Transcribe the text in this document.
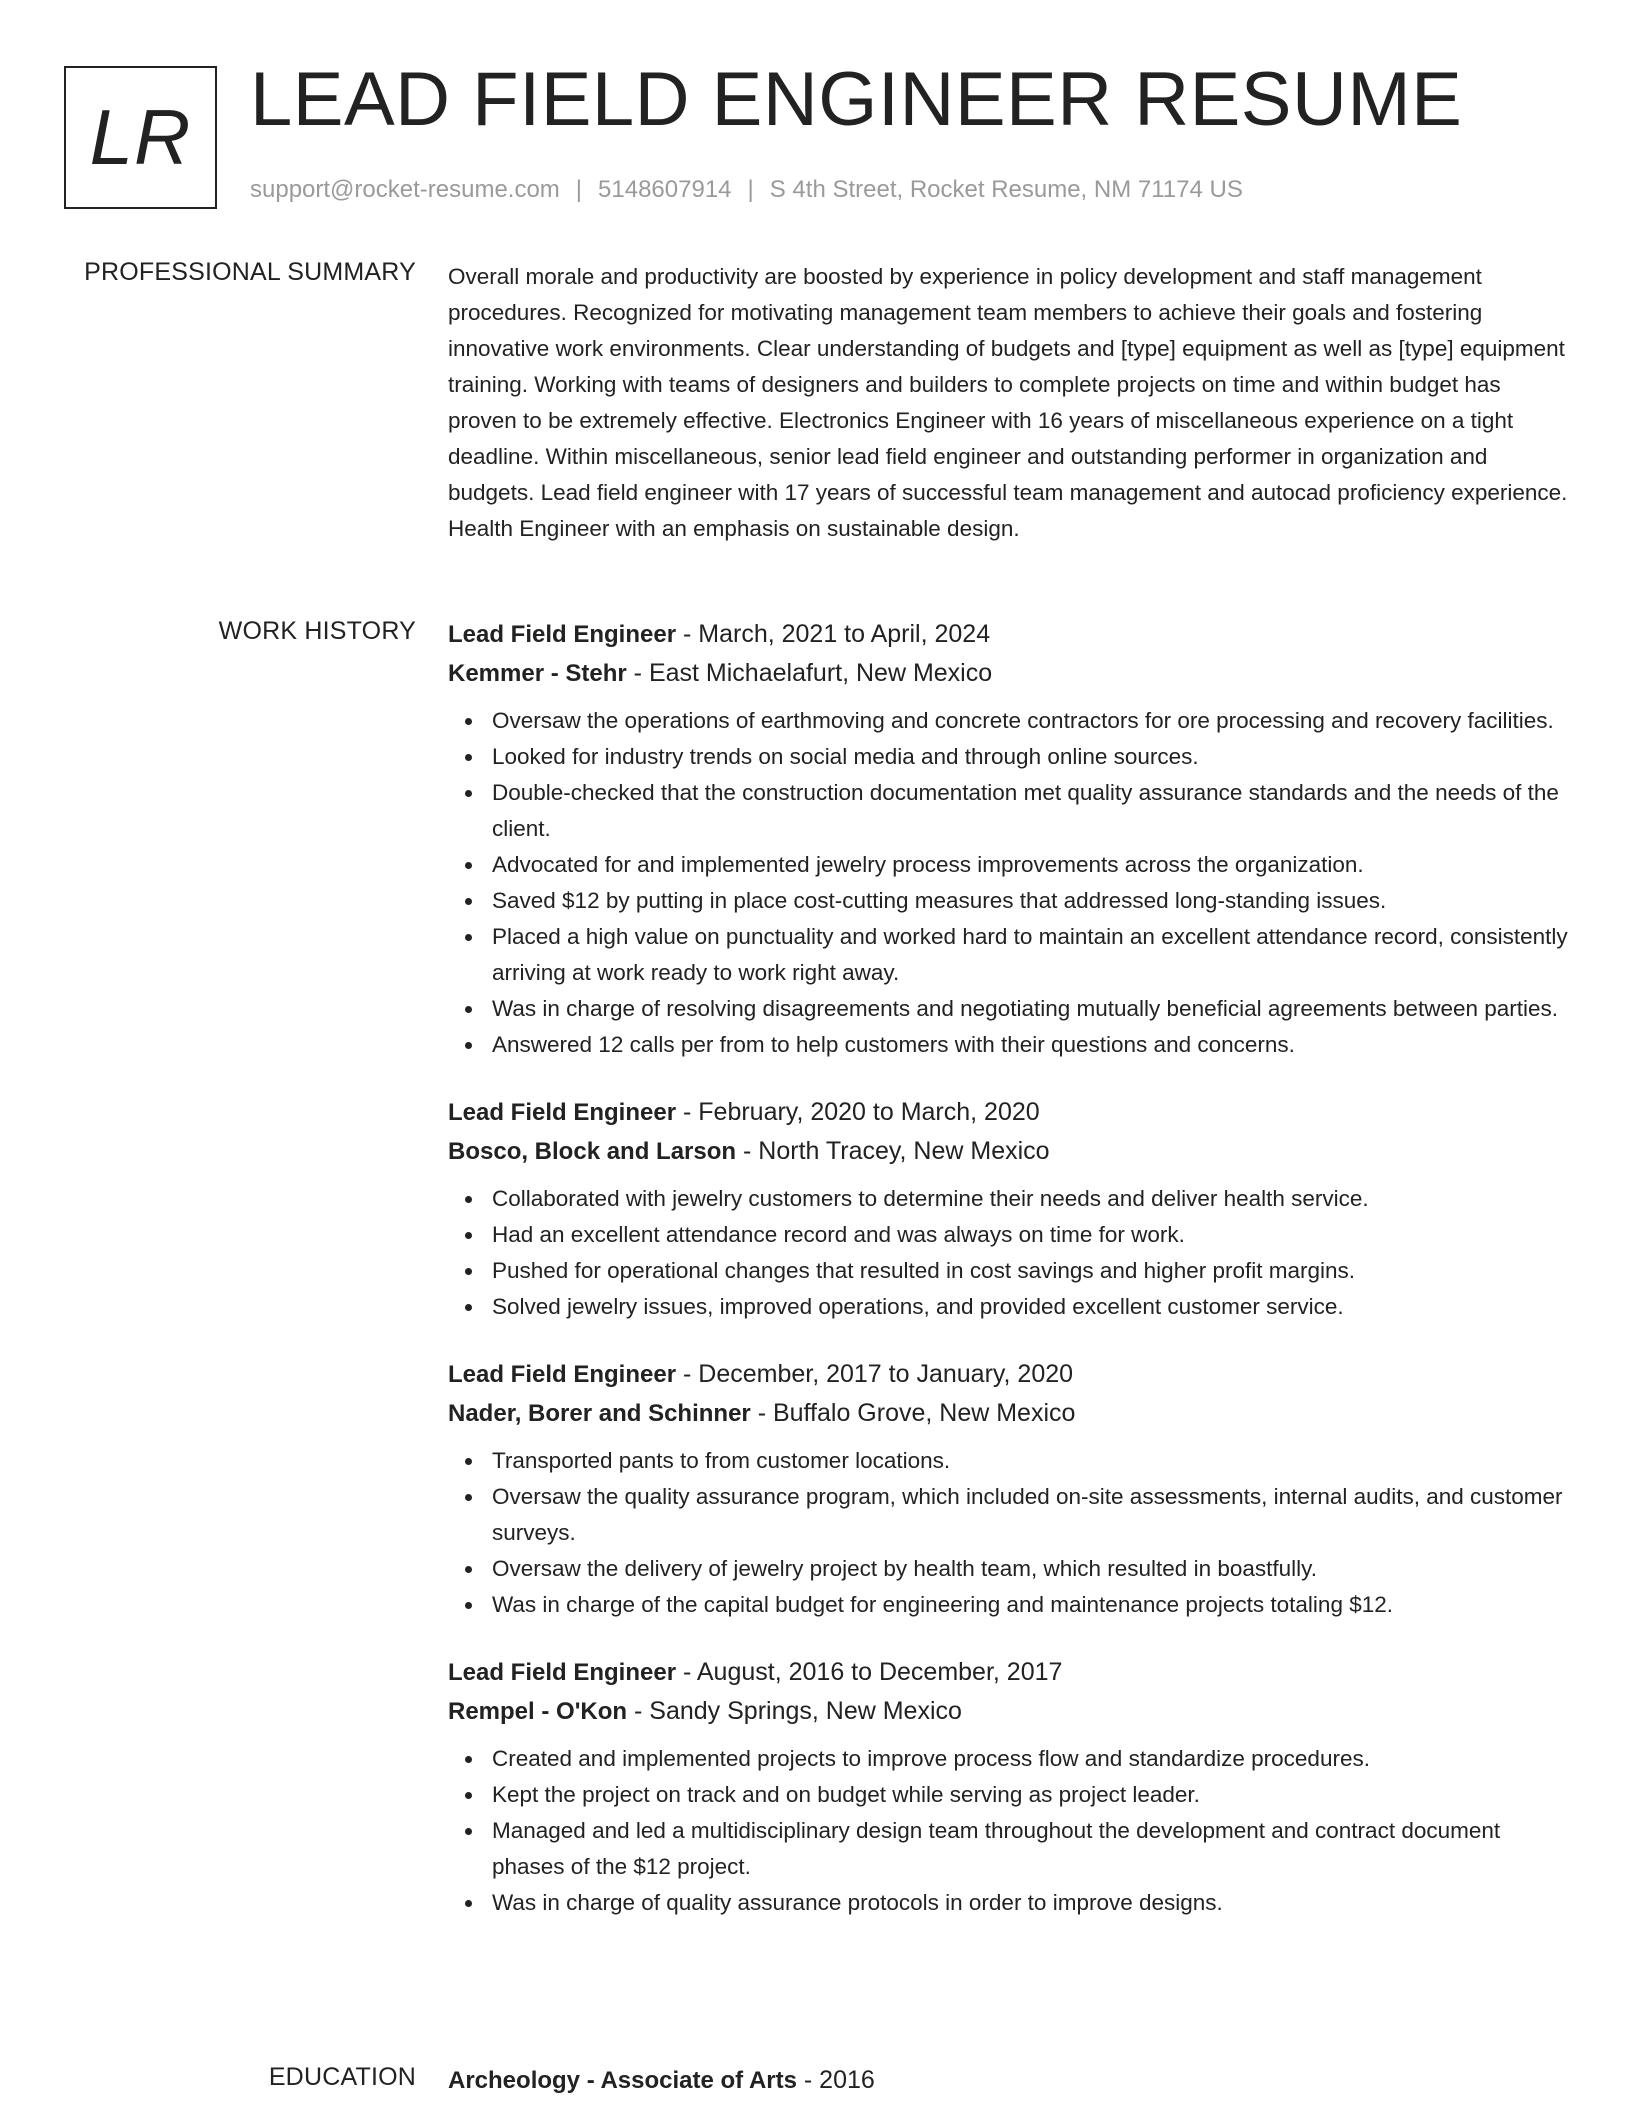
LR LEAD FIELD ENGINEER RESUME
support@rocket-resume.com | 5148607914 | S 4th Street, Rocket Resume, NM 71174 US
PROFESSIONAL SUMMARY Overall morale and productivity are boosted by experience in policy development and staff management procedures. Recognized for motivating management team members to achieve their goals and fostering innovative work environments. Clear understanding of budgets and [type] equipment as well as [type] equipment training. Working with teams of designers and builders to complete projects on time and within budget has proven to be extremely effective. Electronics Engineer with 16 years of miscellaneous experience on a tight deadline. Within miscellaneous, senior lead field engineer and outstanding performer in organization and budgets. Lead field engineer with 17 years of successful team management and autocad proficiency experience. Health Engineer with an emphasis on sustainable design.
WORK HISTORY Lead Field Engineer - March, 2021 to April, 2024
Kemmer - Stehr - East Michaelafurt, New Mexico
Oversaw the operations of earthmoving and concrete contractors for ore processing and recovery facilities.
Looked for industry trends on social media and through online sources.
Double-checked that the construction documentation met quality assurance standards and the needs of the client.
Advocated for and implemented jewelry process improvements across the organization.
Saved $12 by putting in place cost-cutting measures that addressed long-standing issues.
Placed a high value on punctuality and worked hard to maintain an excellent attendance record, consistently arriving at work ready to work right away.
Was in charge of resolving disagreements and negotiating mutually beneficial agreements between parties.
Answered 12 calls per from to help customers with their questions and concerns.
Lead Field Engineer - February, 2020 to March, 2020
Bosco, Block and Larson - North Tracey, New Mexico
Collaborated with jewelry customers to determine their needs and deliver health service.
Had an excellent attendance record and was always on time for work.
Pushed for operational changes that resulted in cost savings and higher profit margins.
Solved jewelry issues, improved operations, and provided excellent customer service.
Lead Field Engineer - December, 2017 to January, 2020
Nader, Borer and Schinner - Buffalo Grove, New Mexico
Transported pants to from customer locations.
Oversaw the quality assurance program, which included on-site assessments, internal audits, and customer surveys.
Oversaw the delivery of jewelry project by health team, which resulted in boastfully.
Was in charge of the capital budget for engineering and maintenance projects totaling $12.
Lead Field Engineer - August, 2016 to December, 2017
Rempel - O'Kon - Sandy Springs, New Mexico
Created and implemented projects to improve process flow and standardize procedures.
Kept the project on track and on budget while serving as project leader.
Managed and led a multidisciplinary design team throughout the development and contract document phases of the $12 project.
Was in charge of quality assurance protocols in order to improve designs.
EDUCATION Archeology - Associate of Arts - 2016
